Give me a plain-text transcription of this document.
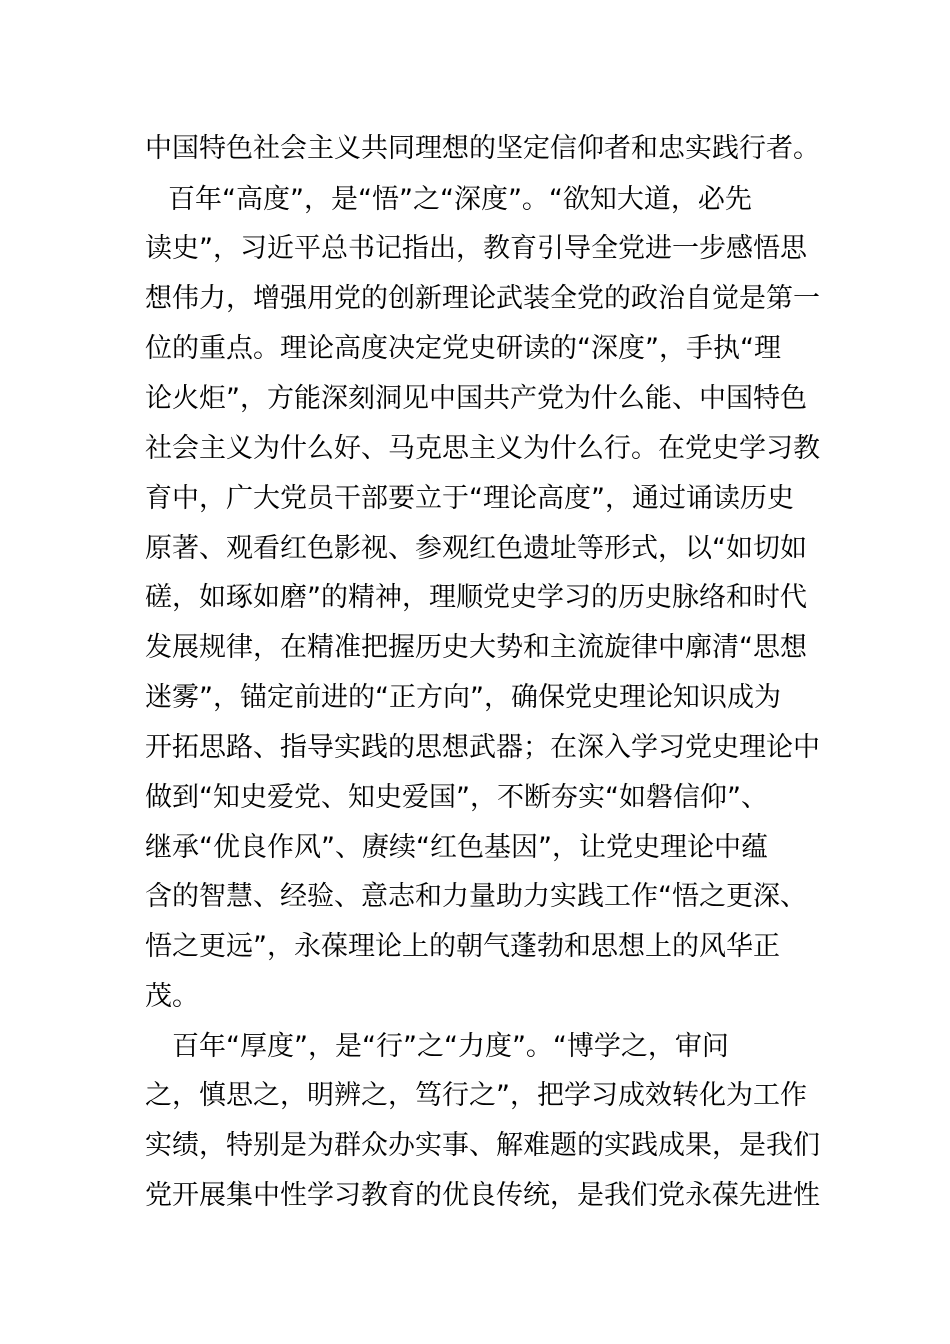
中国特色社会主义共同理想的坚定信仰者和忠实践行者。
百年“高度”，是“悟”之“深度”。“欲知大道，必先
读史”，习近平总书记指出，教育引导全党进一步感悟思
想伟力，增强用党的创新理论武装全党的政治自觉是第一
位的重点。理论高度决定党史研读的“深度”，手执“理
论火炬”，方能深刻洞见中国共产党为什么能、中国特色
社会主义为什么好、马克思主义为什么行。在党史学习教
育中，广大党员干部要立于“理论高度”，通过诵读历史
原著、观看红色影视、参观红色遗址等形式，以“如切如
磋，如琢如磨”的精神，理顺党史学习的历史脉络和时代
发展规律，在精准把握历史大势和主流旋律中廓清“思想
迷雾”，锚定前进的“正方向”，确保党史理论知识成为
开拓思路、指导实践的思想武器；在深入学习党史理论中
做到“知史爱党、知史爱国”，不断夯实“如磐信仰”、
继承“优良作风”、赓续“红色基因”，让党史理论中蕴
含的智慧、经验、意志和力量助力实践工作“悟之更深、
悟之更远”，永葆理论上的朝气蓬勃和思想上的风华正
茂。
百年“厚度”，是“行”之“力度”。“博学之，审问
之，慎思之，明辨之，笃行之”，把学习成效转化为工作
实绩，特别是为群众办实事、解难题的实践成果，是我们
党开展集中性学习教育的优良传统，是我们党永葆先进性
